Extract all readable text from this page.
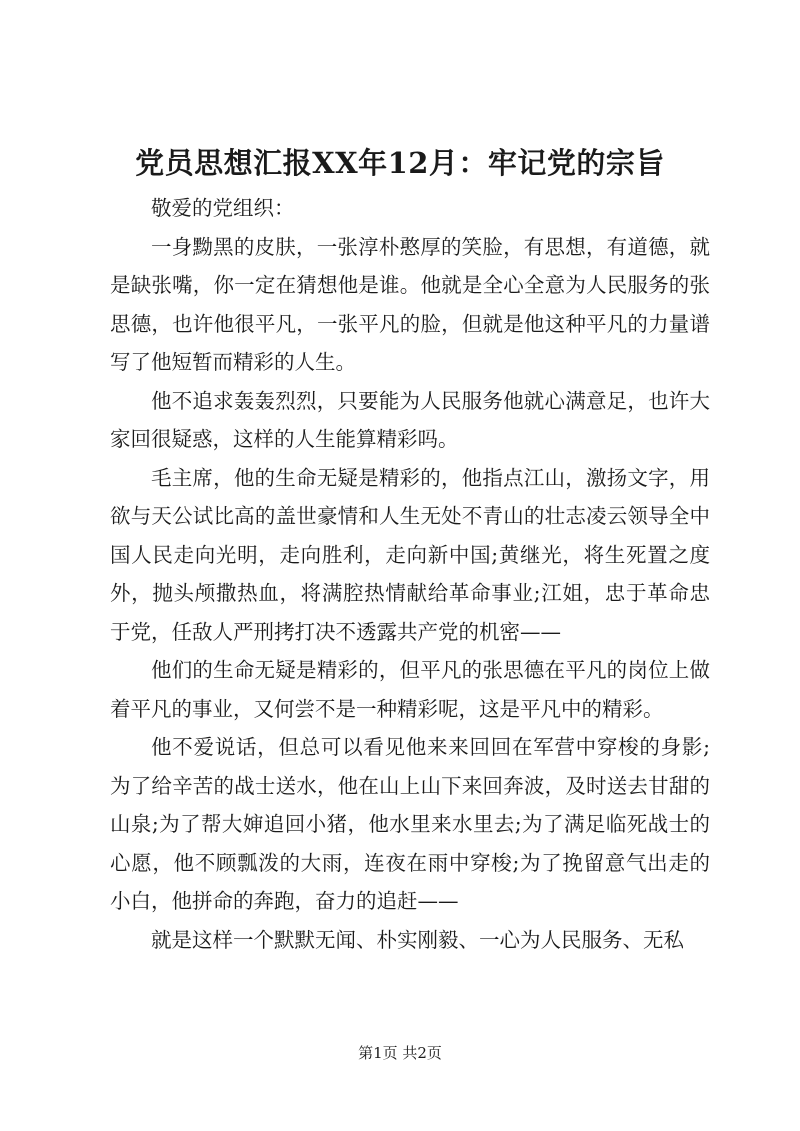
党员思想汇报XX年12月：牢记党的宗旨

敬爱的党组织：

一身黝黑的皮肤，一张淳朴憨厚的笑脸，有思想，有道德，就是缺张嘴，你一定在猜想他是谁。他就是全心全意为人民服务的张思德，也许他很平凡，一张平凡的脸，但就是他这种平凡的力量谱写了他短暂而精彩的人生。

他不追求轰轰烈烈，只要能为人民服务他就心满意足，也许大家回很疑惑，这样的人生能算精彩吗。

毛主席，他的生命无疑是精彩的，他指点江山，激扬文字，用欲与天公试比高的盖世豪情和人生无处不青山的壮志凌云领导全中国人民走向光明，走向胜利，走向新中国;黄继光，将生死置之度外，抛头颅撒热血，将满腔热情献给革命事业;江姐，忠于革命忠于党，任敌人严刑拷打决不透露共产党的机密——

他们的生命无疑是精彩的，但平凡的张思德在平凡的岗位上做着平凡的事业，又何尝不是一种精彩呢，这是平凡中的精彩。

他不爱说话，但总可以看见他来来回回在军营中穿梭的身影;为了给辛苦的战士送水，他在山上山下来回奔波，及时送去甘甜的山泉;为了帮大婶追回小猪，他水里来水里去;为了满足临死战士的心愿，他不顾瓢泼的大雨，连夜在雨中穿梭;为了挽留意气出走的小白，他拼命的奔跑，奋力的追赶——

就是这样一个默默无闻、朴实刚毅、一心为人民服务、无私

第1页 共2页
